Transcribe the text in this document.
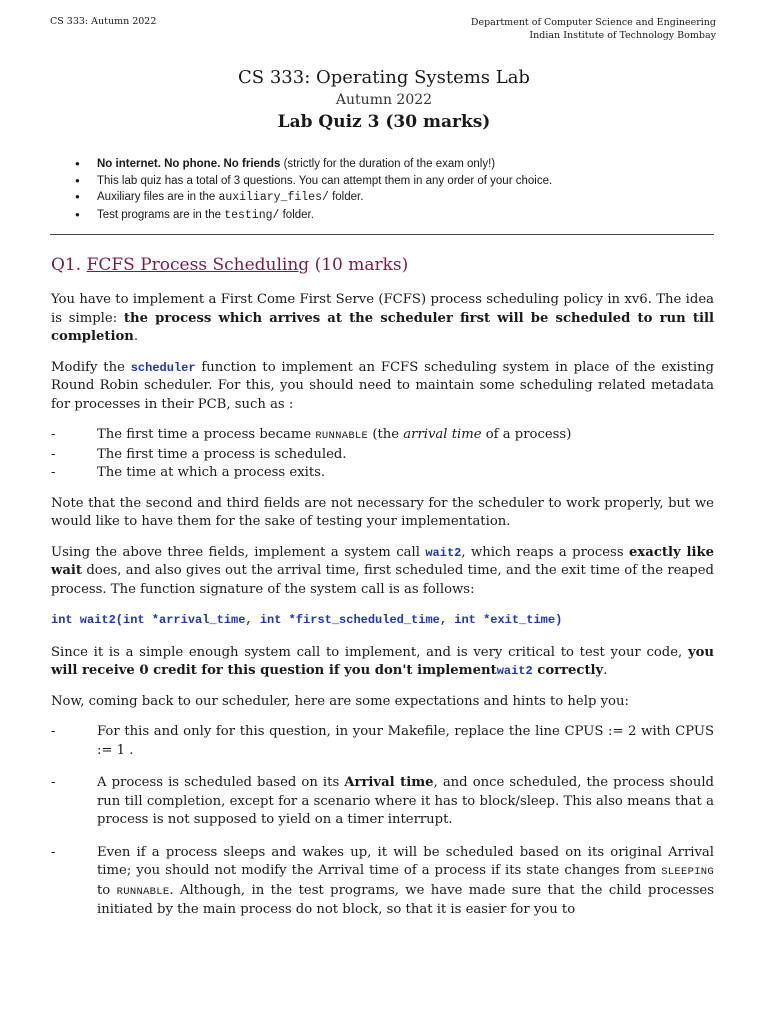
CS 333: Autumn 2022	Department of Computer Science and Engineering
Indian Institute of Technology Bombay
CS 333: Operating Systems Lab
Autumn 2022
Lab Quiz 3 (30 marks)
● No internet. No phone. No friends (strictly for the duration of the exam only!)
● This lab quiz has a total of 3 questions. You can attempt them in any order of your choice.
● Auxiliary files are in the auxiliary_files/ folder.
● Test programs are in the testing/ folder.
Q1. FCFS Process Scheduling (10 marks)

You have to implement a First Come First Serve (FCFS) process scheduling policy in xv6. The idea is simple: the process which arrives at the scheduler first will be scheduled to run till completion.

Modify the scheduler function to implement an FCFS scheduling system in place of the existing Round Robin scheduler. For this, you should need to maintain some scheduling related metadata for processes in their PCB, such as :

- The first time a process became RUNNABLE (the arrival time of a process)
- The first time a process is scheduled.
- The time at which a process exits.

Note that the second and third fields are not necessary for the scheduler to work properly, but we would like to have them for the sake of testing your implementation.

Using the above three fields, implement a system call wait2, which reaps a process exactly like wait does, and also gives out the arrival time, first scheduled time, and the exit time of the reaped process. The function signature of the system call is as follows:

int wait2(int *arrival_time, int *first_scheduled_time, int *exit_time)

Since it is a simple enough system call to implement, and is very critical to test your code, you will receive 0 credit for this question if you don't implementwait2 correctly.

Now, coming back to our scheduler, here are some expectations and hints to help you:

- For this and only for this question, in your Makefile, replace the line CPUS := 2 with CPUS := 1 .
- A process is scheduled based on its Arrival time, and once scheduled, the process should run till completion, except for a scenario where it has to block/sleep. This also means that a process is not supposed to yield on a timer interrupt.
- Even if a process sleeps and wakes up, it will be scheduled based on its original Arrival time; you should not modify the Arrival time of a process if its state changes from SLEEPING to RUNNABLE. Although, in the test programs, we have made sure that the child processes initiated by the main process do not block, so that it is easier for you to
